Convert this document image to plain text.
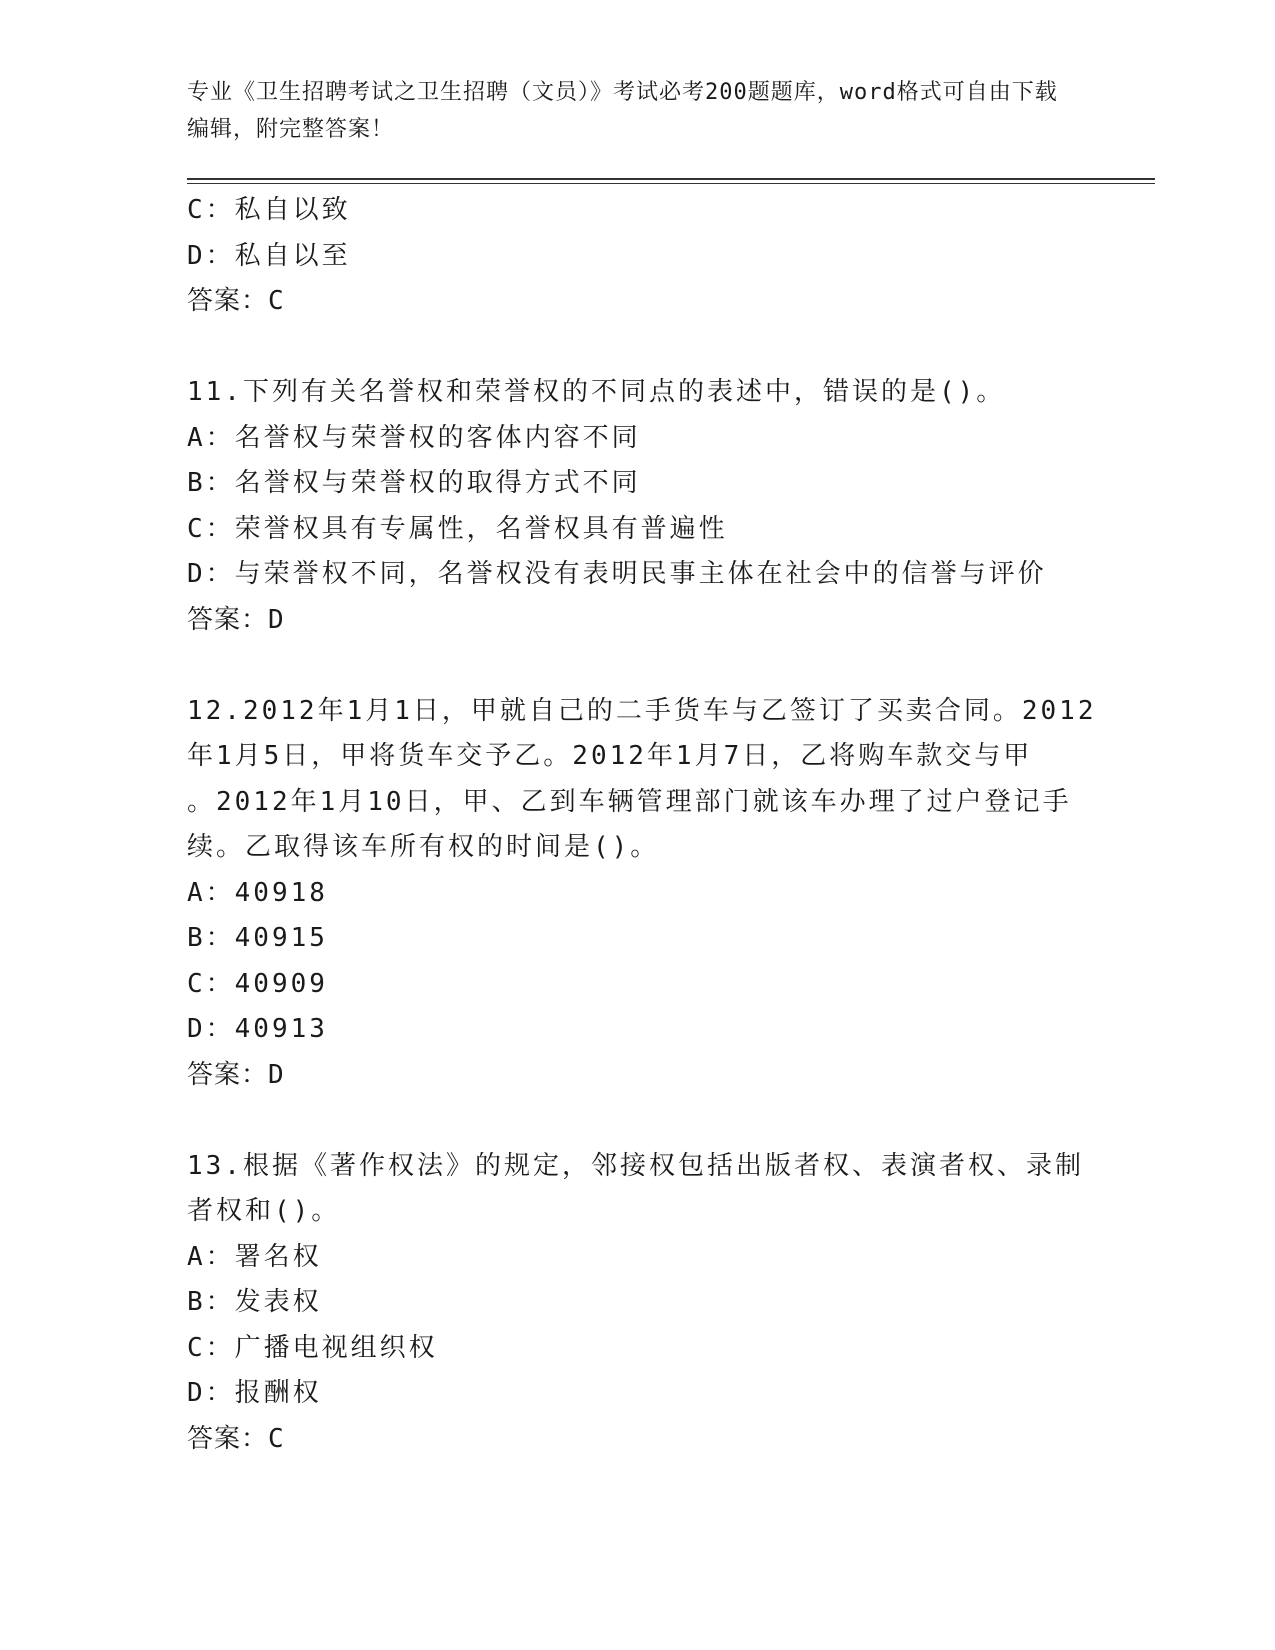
专业《卫生招聘考试之卫生招聘（文员）》考试必考200题题库，word格式可自由下载编辑，附完整答案！
C：私自以致
D：私自以至
答案：C
11.下列有关名誉权和荣誉权的不同点的表述中，错误的是()。
A：名誉权与荣誉权的客体内容不同
B：名誉权与荣誉权的取得方式不同
C：荣誉权具有专属性，名誉权具有普遍性
D：与荣誉权不同，名誉权没有表明民事主体在社会中的信誉与评价
答案：D
12.2012年1月1日，甲就自己的二手货车与乙签订了买卖合同。2012
年1月5日，甲将货车交予乙。2012年1月7日，乙将购车款交与甲
。2012年1月10日，甲、乙到车辆管理部门就该车办理了过户登记手
续。乙取得该车所有权的时间是()。
A：40918
B：40915
C：40909
D：40913
答案：D
13.根据《著作权法》的规定，邻接权包括出版者权、表演者权、录制
者权和()。
A：署名权
B：发表权
C：广播电视组织权
D：报酬权
答案：C
